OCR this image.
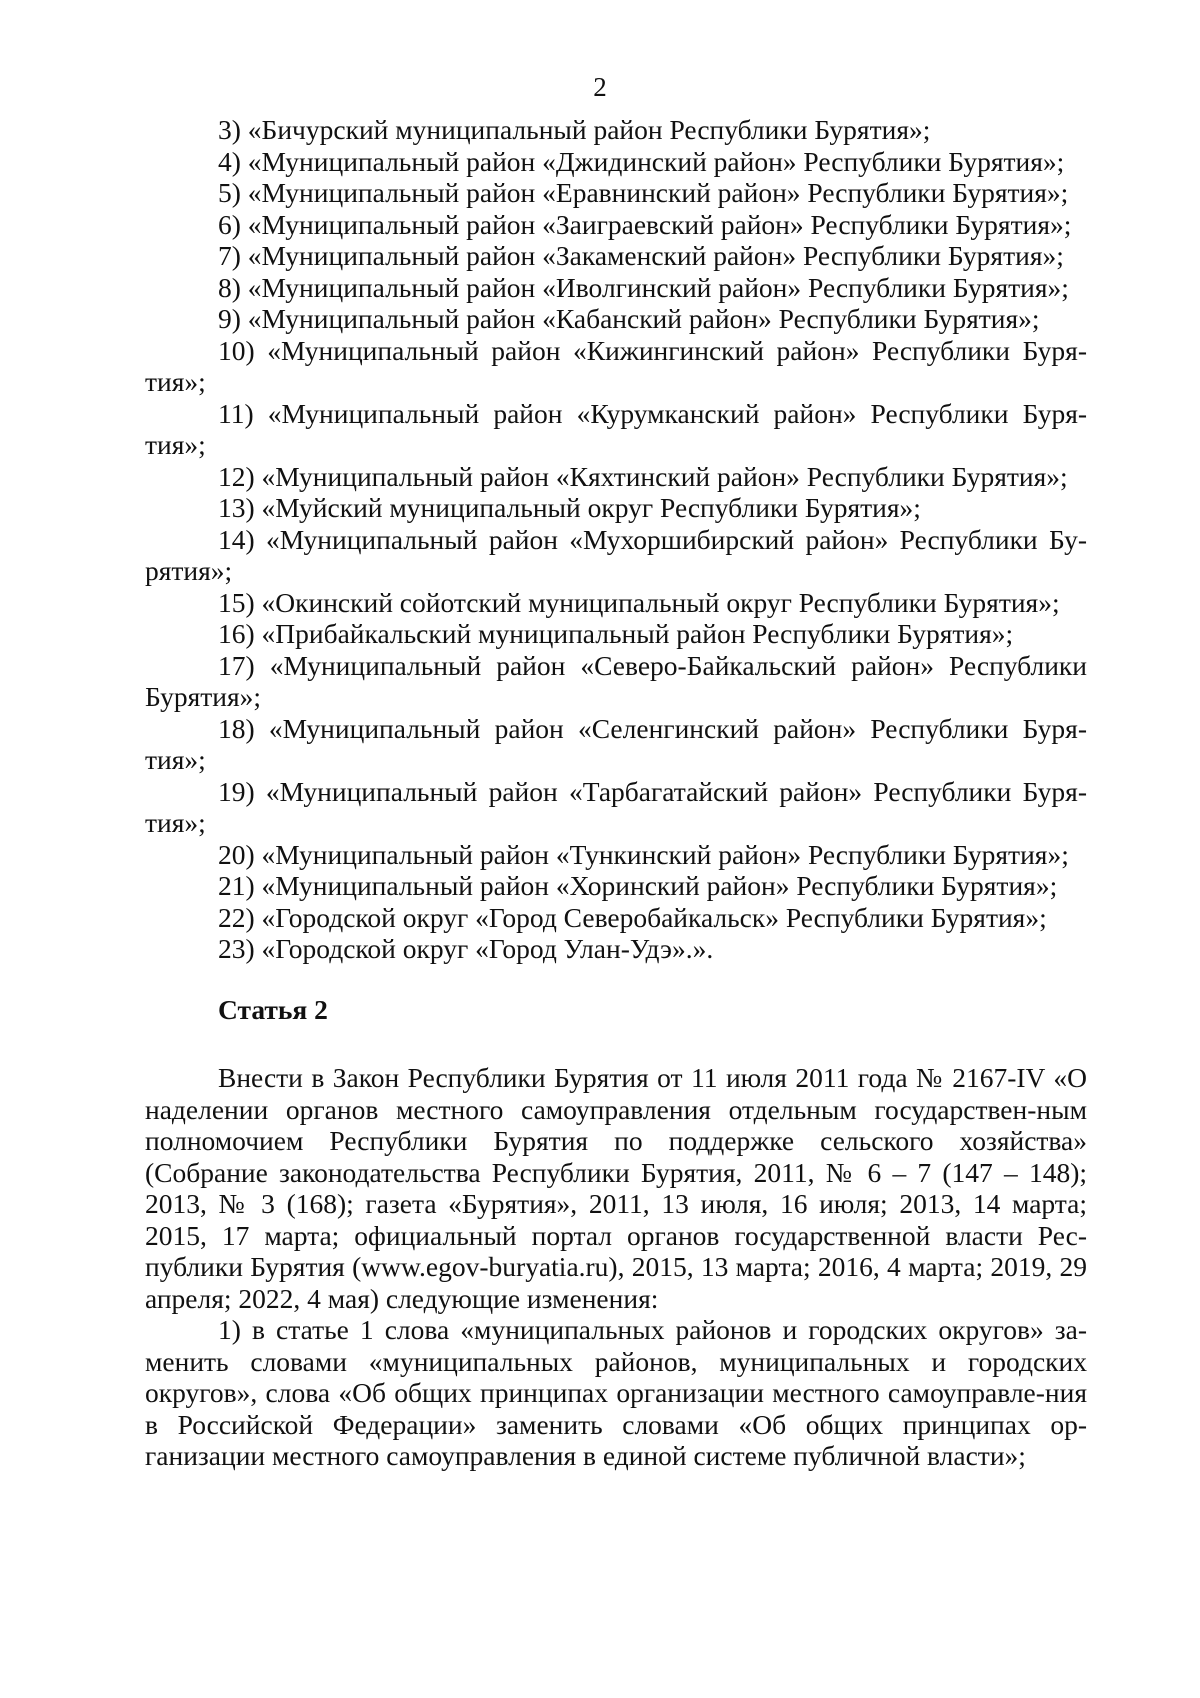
2

3) «Бичурский муниципальный район Республики Бурятия»;

4) «Муниципальный район «Джидинский район» Республики Бурятия»;

5) «Муниципальный район «Еравнинский район» Республики Бурятия»;

6) «Муниципальный район «Заиграевский район» Республики Бурятия»;

7) «Муниципальный район «Закаменский район» Республики Бурятия»;

8) «Муниципальный район «Иволгинский район» Республики Бурятия»;

9) «Муниципальный район «Кабанский район» Республики Бурятия»;

10) «Муниципальный район «Кижингинский район» Республики Буря-тия»;

11) «Муниципальный район «Курумканский район» Республики Буря-тия»;

12) «Муниципальный район «Кяхтинский район» Республики Бурятия»;

13) «Муйский муниципальный округ Республики Бурятия»;

14) «Муниципальный район «Мухоршибирский район» Республики Бу-рятия»;

15) «Окинский сойотский муниципальный округ Республики Бурятия»;

16) «Прибайкальский муниципальный район Республики Бурятия»;

17) «Муниципальный район «Северо-Байкальский район» Республики Бурятия»;

18) «Муниципальный район «Селенгинский район» Республики Буря-тия»;

19) «Муниципальный район «Тарбагатайский район» Республики Буря-тия»;

20) «Муниципальный район «Тункинский район» Республики Бурятия»;

21) «Муниципальный район «Хоринский район» Республики Бурятия»;

22) «Городской округ «Город Северобайкальск» Республики Бурятия»;

23) «Городской округ «Город Улан-Удэ».».

Статья 2

Внести в Закон Республики Бурятия от 11 июля 2011 года № 2167-IV «О наделении органов местного самоуправления отдельным государствен-ным полномочием Республики Бурятия по поддержке сельского хозяйства» (Собрание законодательства Республики Бурятия, 2011, № 6 – 7 (147 – 148); 2013, № 3 (168); газета «Бурятия», 2011, 13 июля, 16 июля; 2013, 14 марта; 2015, 17 марта; официальный портал органов государственной власти Рес-публики Бурятия (www.egov-buryatia.ru), 2015, 13 марта; 2016, 4 марта; 2019, 29 апреля; 2022, 4 мая) следующие изменения:

1) в статье 1 слова «муниципальных районов и городских округов» за-менить словами «муниципальных районов, муниципальных и городских округов», слова «Об общих принципах организации местного самоуправле-ния в Российской Федерации» заменить словами «Об общих принципах ор-ганизации местного самоуправления в единой системе публичной власти»;
